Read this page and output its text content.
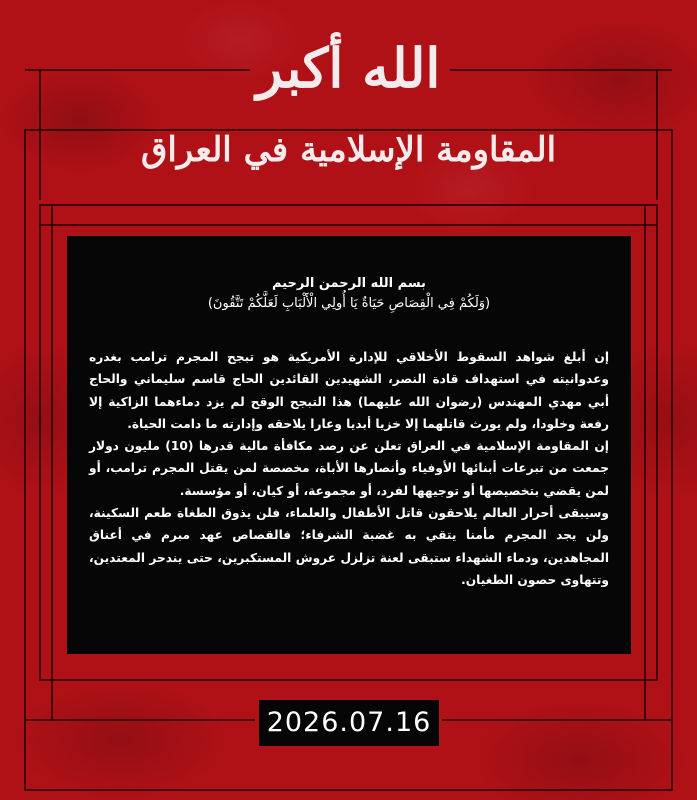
الله أكبر
المقاومة الإسلامية في العراق
بسم الله الرحمن الرحيم
(وَلَكُمْ فِي الْقِصَاصِ حَيَاةٌ يَا أُولِي الْأَلْبَابِ لَعَلَّكُمْ تَتَّقُونَ)

إن أبلغ شواهد السقوط الأخلاقي للإدارة الأمريكية هو تبجح المجرم ترامب بغدره وعدوانيته في استهداف قادة النصر، الشهيدين القائدين الحاج قاسم سليماني والحاج أبي مهدي المهندس (رضوان الله عليهما) هذا التبجح الوقح لم يزد دماءهما الزاكية إلا رفعة وخلودا، ولم يورث قاتلهما إلا خزيا أبديا وعارا يلاحقه وإدارته ما دامت الحياة.

إن المقاومة الإسلامية في العراق تعلن عن رصد مكافأة مالية قدرها (10) مليون دولار جمعت من تبرعات أبنائها الأوفياء وأنصارها الأباة، مخصصة لمن يقتل المجرم ترامب، أو لمن يقضي بتخصيصها أو توجيهها لفرد، أو مجموعة، أو كيان، أو مؤسسة.

وسيبقى أحرار العالم يلاحقون قاتل الأطفال والعلماء، فلن يذوق الطغاة طعم السكينة، ولن يجد المجرم مأمنا يتقي به غضبة الشرفاء؛ فالقصاص عهد مبرم في أعناق المجاهدين، ودماء الشهداء ستبقى لعنة تزلزل عروش المستكبرين، حتى يندحر المعتدين، وتتهاوى حصون الطغيان.

2026.07.16
